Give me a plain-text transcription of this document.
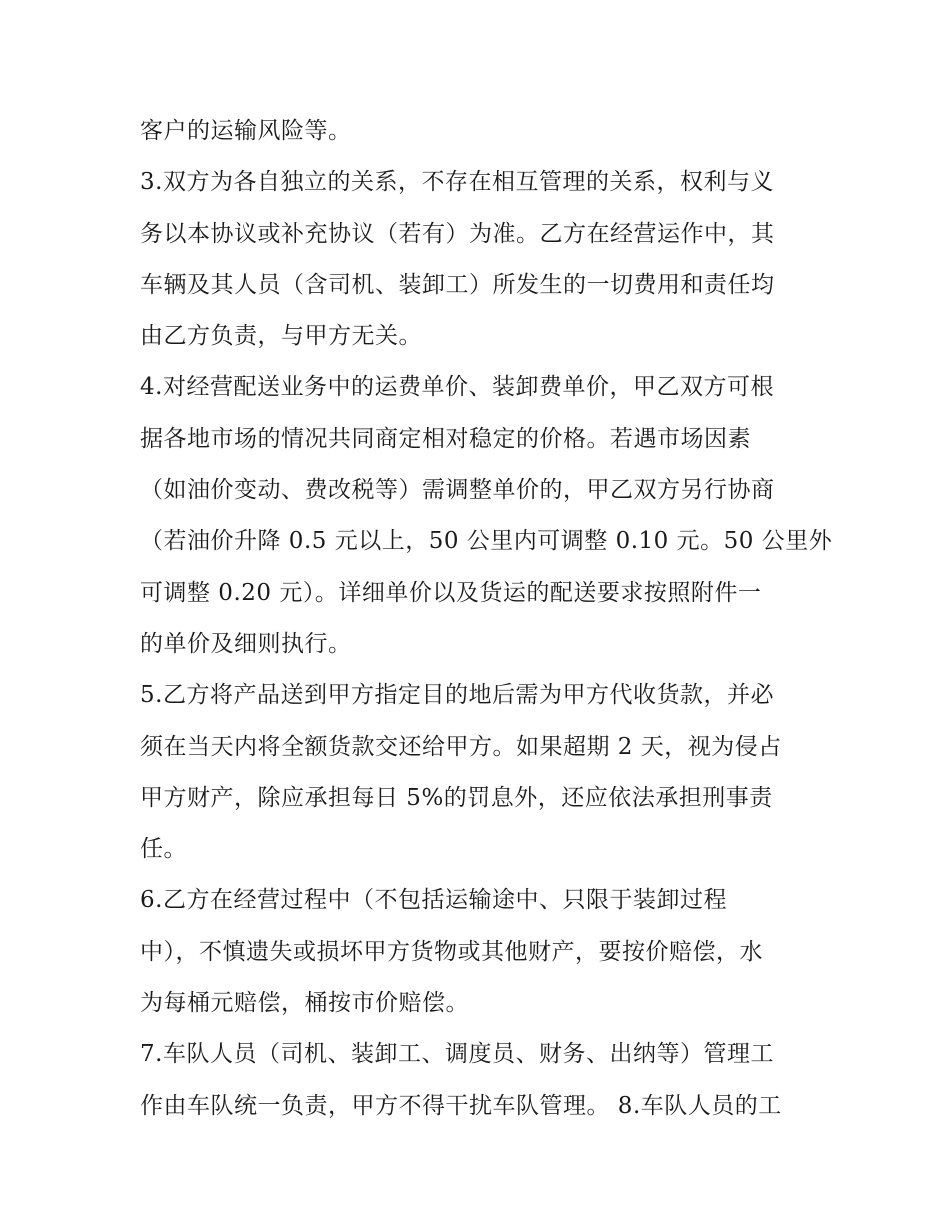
客户的运输风险等。
3.双方为各自独立的关系，不存在相互管理的关系，权利与义
务以本协议或补充协议（若有）为准。乙方在经营运作中，其
车辆及其人员（含司机、装卸工）所发生的一切费用和责任均
由乙方负责，与甲方无关。
4.对经营配送业务中的运费单价、装卸费单价，甲乙双方可根
据各地市场的情况共同商定相对稳定的价格。若遇市场因素
（如油价变动、费改税等）需调整单价的，甲乙双方另行协商
（若油价升降 0.5 元以上，50 公里内可调整 0.10 元。50 公里外
可调整 0.20 元）。详细单价以及货运的配送要求按照附件一
的单价及细则执行。
5.乙方将产品送到甲方指定目的地后需为甲方代收货款，并必
须在当天内将全额货款交还给甲方。如果超期 2 天，视为侵占
甲方财产，除应承担每日 5%的罚息外，还应依法承担刑事责
任。
6.乙方在经营过程中（不包括运输途中、只限于装卸过程
中），不慎遗失或损坏甲方货物或其他财产，要按价赔偿，水
为每桶元赔偿，桶按市价赔偿。
7.车队人员（司机、装卸工、调度员、财务、出纳等）管理工
作由车队统一负责，甲方不得干扰车队管理。 8.车队人员的工
